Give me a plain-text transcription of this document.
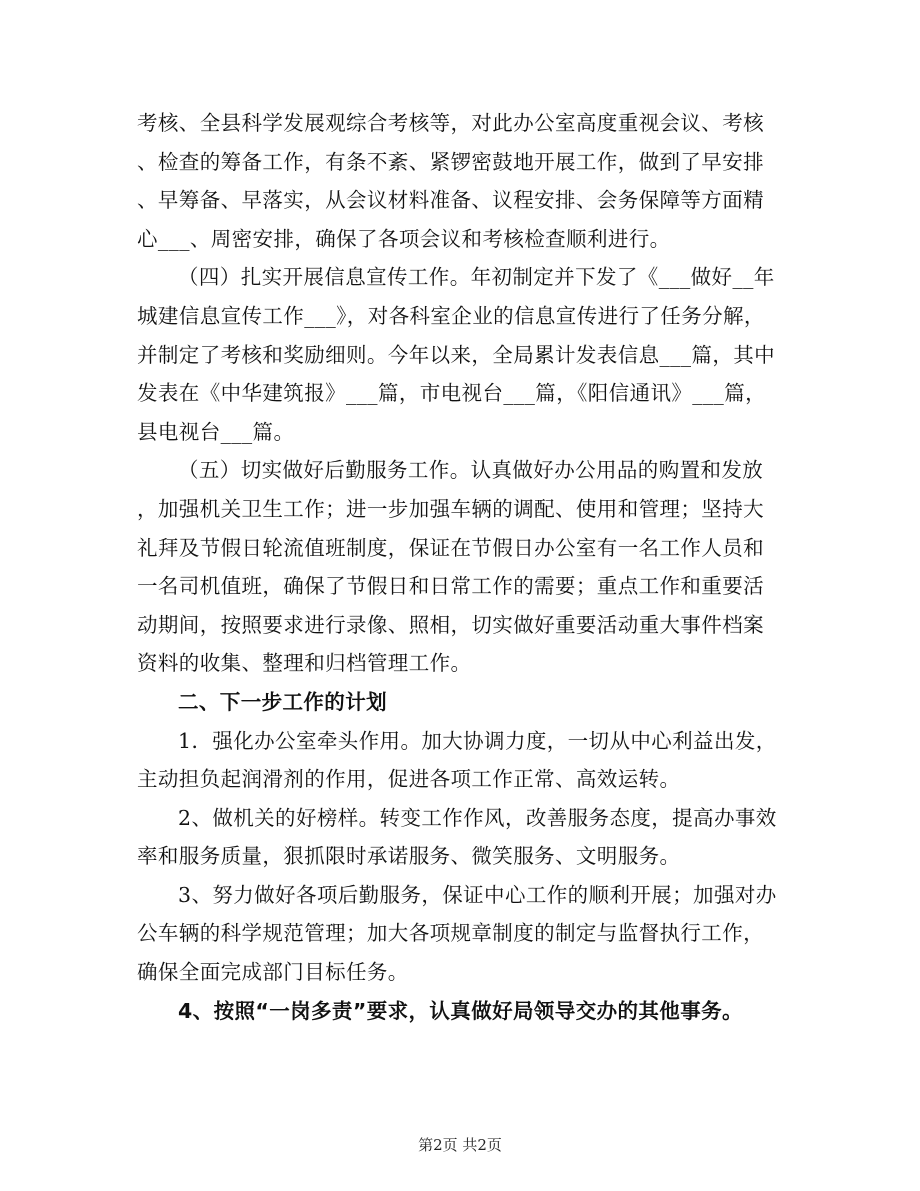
考核、全县科学发展观综合考核等，对此办公室高度重视会议、考核
、检查的筹备工作，有条不紊、紧锣密鼓地开展工作，做到了早安排
、早筹备、早落实，从会议材料准备、议程安排、会务保障等方面精
心___、周密安排，确保了各项会议和考核检查顺利进行。
（四）扎实开展信息宣传工作。年初制定并下发了《___做好__年
城建信息宣传工作___》，对各科室企业的信息宣传进行了任务分解，
并制定了考核和奖励细则。今年以来，全局累计发表信息___篇，其中
发表在《中华建筑报》___篇，市电视台___篇，《阳信通讯》___篇，
县电视台___篇。
（五）切实做好后勤服务工作。认真做好办公用品的购置和发放
，加强机关卫生工作；进一步加强车辆的调配、使用和管理；坚持大
礼拜及节假日轮流值班制度，保证在节假日办公室有一名工作人员和
一名司机值班，确保了节假日和日常工作的需要；重点工作和重要活
动期间，按照要求进行录像、照相，切实做好重要活动重大事件档案
资料的收集、整理和归档管理工作。
二、下一步工作的计划
1．强化办公室牵头作用。加大协调力度，一切从中心利益出发，
主动担负起润滑剂的作用，促进各项工作正常、高效运转。
2、做机关的好榜样。转变工作作风，改善服务态度，提高办事效
率和服务质量，狠抓限时承诺服务、微笑服务、文明服务。
3、努力做好各项后勤服务，保证中心工作的顺利开展；加强对办
公车辆的科学规范管理；加大各项规章制度的制定与监督执行工作，
确保全面完成部门目标任务。
4、按照“一岗多责”要求，认真做好局领导交办的其他事务。
第2页 共2页
